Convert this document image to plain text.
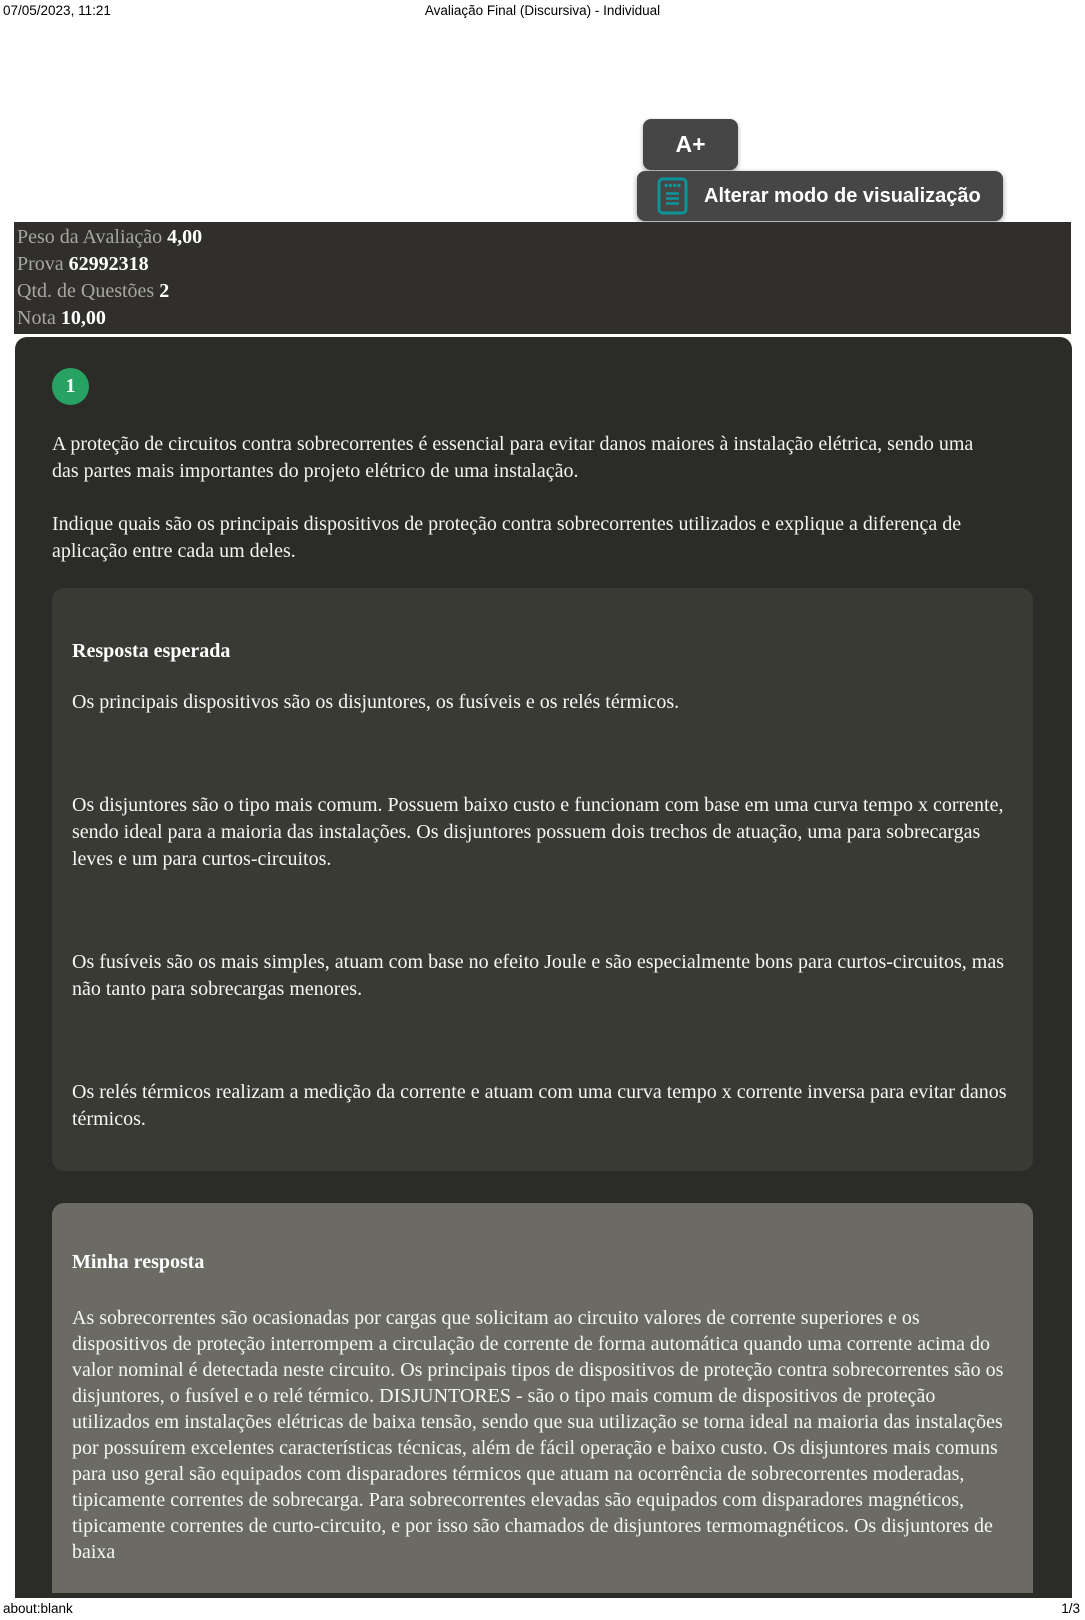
07/05/2023, 11:21	Avaliação Final (Discursiva) - Individual
A+
Alterar modo de visualização
Peso da Avaliação 4,00
Prova 62992318
Qtd. de Questões 2
Nota 10,00
1

A proteção de circuitos contra sobrecorrentes é essencial para evitar danos maiores à instalação elétrica, sendo uma das partes mais importantes do projeto elétrico de uma instalação.

Indique quais são os principais dispositivos de proteção contra sobrecorrentes utilizados e explique a diferença de aplicação entre cada um deles.

Resposta esperada

Os principais dispositivos são os disjuntores, os fusíveis e os relés térmicos.

Os disjuntores são o tipo mais comum. Possuem baixo custo e funcionam com base em uma curva tempo x corrente, sendo ideal para a maioria das instalações. Os disjuntores possuem dois trechos de atuação, uma para sobrecargas leves e um para curtos-circuitos.

Os fusíveis são os mais simples, atuam com base no efeito Joule e são especialmente bons para curtos-circuitos, mas não tanto para sobrecargas menores.

Os relés térmicos realizam a medição da corrente e atuam com uma curva tempo x corrente inversa para evitar danos térmicos.

Minha resposta

As sobrecorrentes são ocasionadas por cargas que solicitam ao circuito valores de corrente superiores e os dispositivos de proteção interrompem a circulação de corrente de forma automática quando uma corrente acima do valor nominal é detectada neste circuito. Os principais tipos de dispositivos de proteção contra sobrecorrentes são os disjuntores, o fusível e o relé térmico. DISJUNTORES - são o tipo mais comum de dispositivos de proteção utilizados em instalações elétricas de baixa tensão, sendo que sua utilização se torna ideal na maioria das instalações por possuírem excelentes características técnicas, além de fácil operação e baixo custo. Os disjuntores mais comuns para uso geral são equipados com disparadores térmicos que atuam na ocorrência de sobrecorrentes moderadas, tipicamente correntes de sobrecarga. Para sobrecorrentes elevadas são equipados com disparadores magnéticos, tipicamente correntes de curto-circuito, e por isso são chamados de disjuntores termomagnéticos. Os disjuntores de baixa

about:blank	1/3
